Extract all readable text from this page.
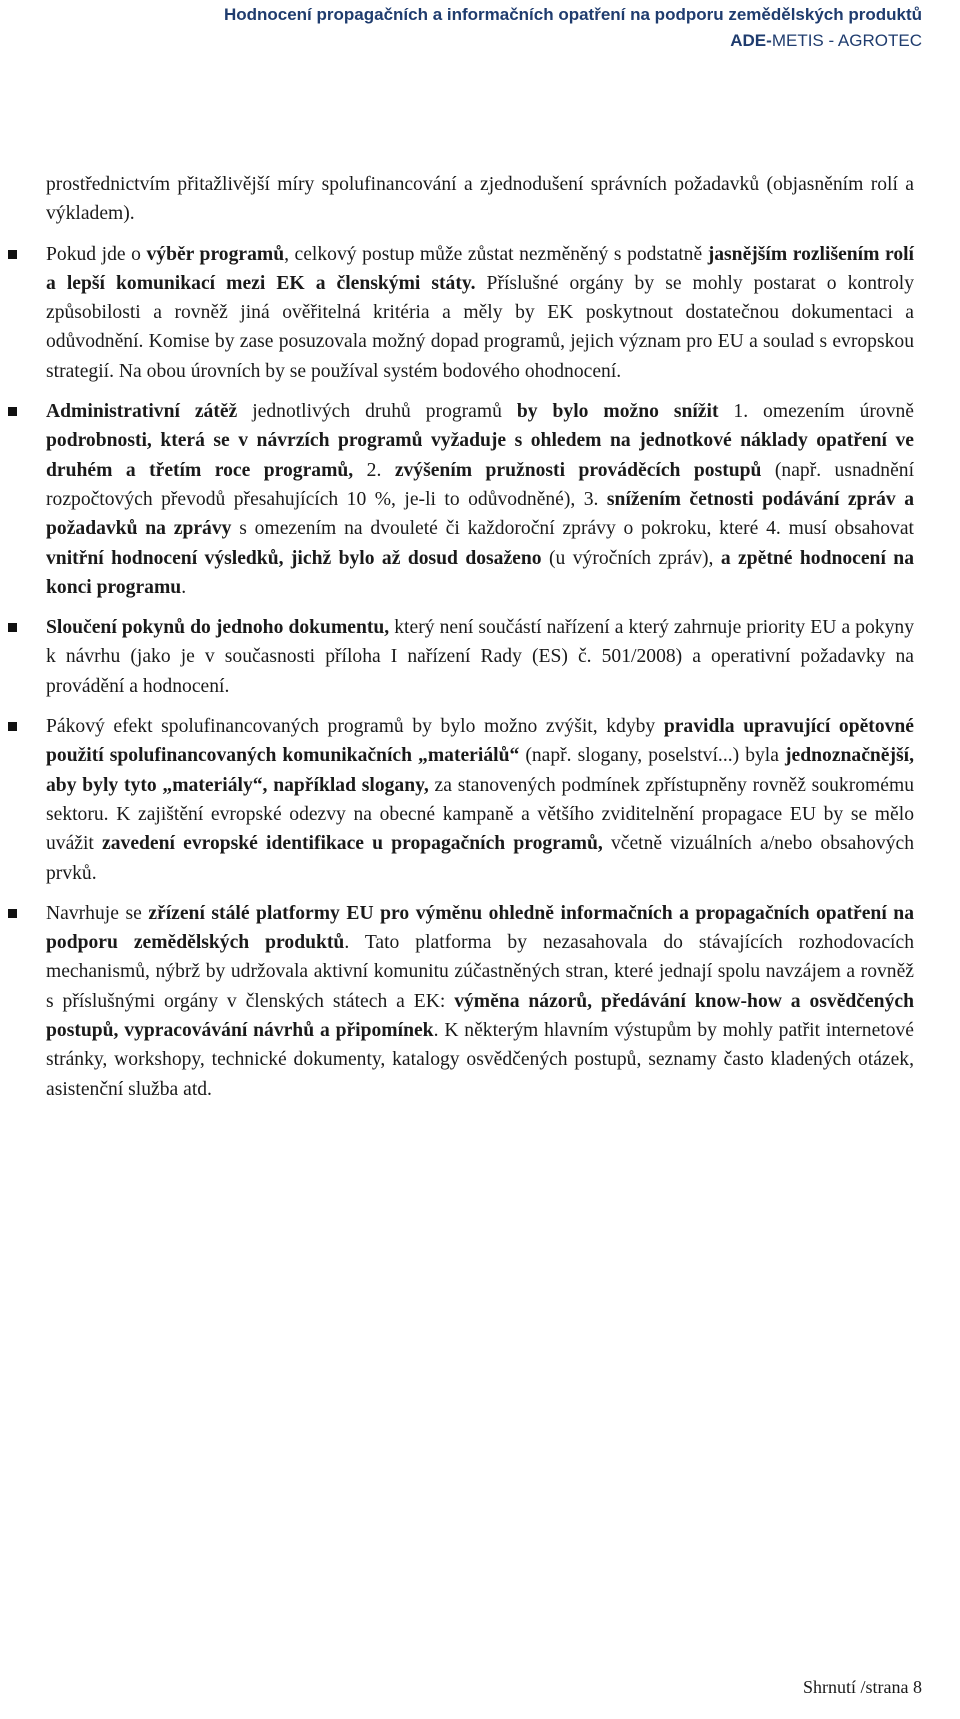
Hodnocení propagačních a informačních opatření na podporu zemědělských produktů
ADE-METIS - AGROTEC

prostřednictvím přitažlivější míry spolufinancování a zjednodušení správních požadavků (objasněním rolí a výkladem).

Pokud jde o výběr programů, celkový postup může zůstat nezměněný s podstatně jasnějším rozlišením rolí a lepší komunikací mezi EK a členskými státy. Příslušné orgány by se mohly postarat o kontroly způsobilosti a rovněž jiná ověřitelná kritéria a měly by EK poskytnout dostatečnou dokumentaci a odůvodnění. Komise by zase posuzovala možný dopad programů, jejich význam pro EU a soulad s evropskou strategií. Na obou úrovních by se používal systém bodového ohodnocení.

Administrativní zátěž jednotlivých druhů programů by bylo možno snížit 1. omezením úrovně podrobnosti, která se v návrzích programů vyžaduje s ohledem na jednotkové náklady opatření ve druhém a třetím roce programů, 2. zvýšením pružnosti prováděcích postupů (např. usnadnění rozpočtových převodů přesahujících 10 %, je-li to odůvodněné), 3. snížením četnosti podávání zpráv a požadavků na zprávy s omezením na dvouleté či každoroční zprávy o pokroku, které 4. musí obsahovat vnitřní hodnocení výsledků, jichž bylo až dosud dosaženo (u výročních zpráv), a zpětné hodnocení na konci programu.

Sloučení pokynů do jednoho dokumentu, který není součástí nařízení a který zahrnuje priority EU a pokyny k návrhu (jako je v současnosti příloha I nařízení Rady (ES) č. 501/2008) a operativní požadavky na provádění a hodnocení.

Pákový efekt spolufinancovaných programů by bylo možno zvýšit, kdyby pravidla upravující opětovné použití spolufinancovaných komunikačních „materiálů“ (např. slogany, poselství...) byla jednoznačnější, aby byly tyto „materiály“, například slogany, za stanovených podmínek zpřístupněny rovněž soukromému sektoru. K zajištění evropské odezvy na obecné kampaně a většího zviditelnění propagace EU by se mělo uvážit zavedení evropské identifikace u propagačních programů, včetně vizuálních a/nebo obsahových prvků.

Navrhuje se zřízení stálé platformy EU pro výměnu ohledně informačních a propagačních opatření na podporu zemědělských produktů. Tato platforma by nezasahovala do stávajících rozhodovacích mechanismů, nýbrž by udržovala aktivní komunitu zúčastněných stran, které jednají spolu navzájem a rovněž s příslušnými orgány v členských státech a EK: výměna názorů, předávání know-how a osvědčených postupů, vypracovávání návrhů a připomínek. K některým hlavním výstupům by mohly patřit internetové stránky, workshopy, technické dokumenty, katalogy osvědčených postupů, seznamy často kladených otázek, asistenční služba atd.

Shrnutí /strana 8
